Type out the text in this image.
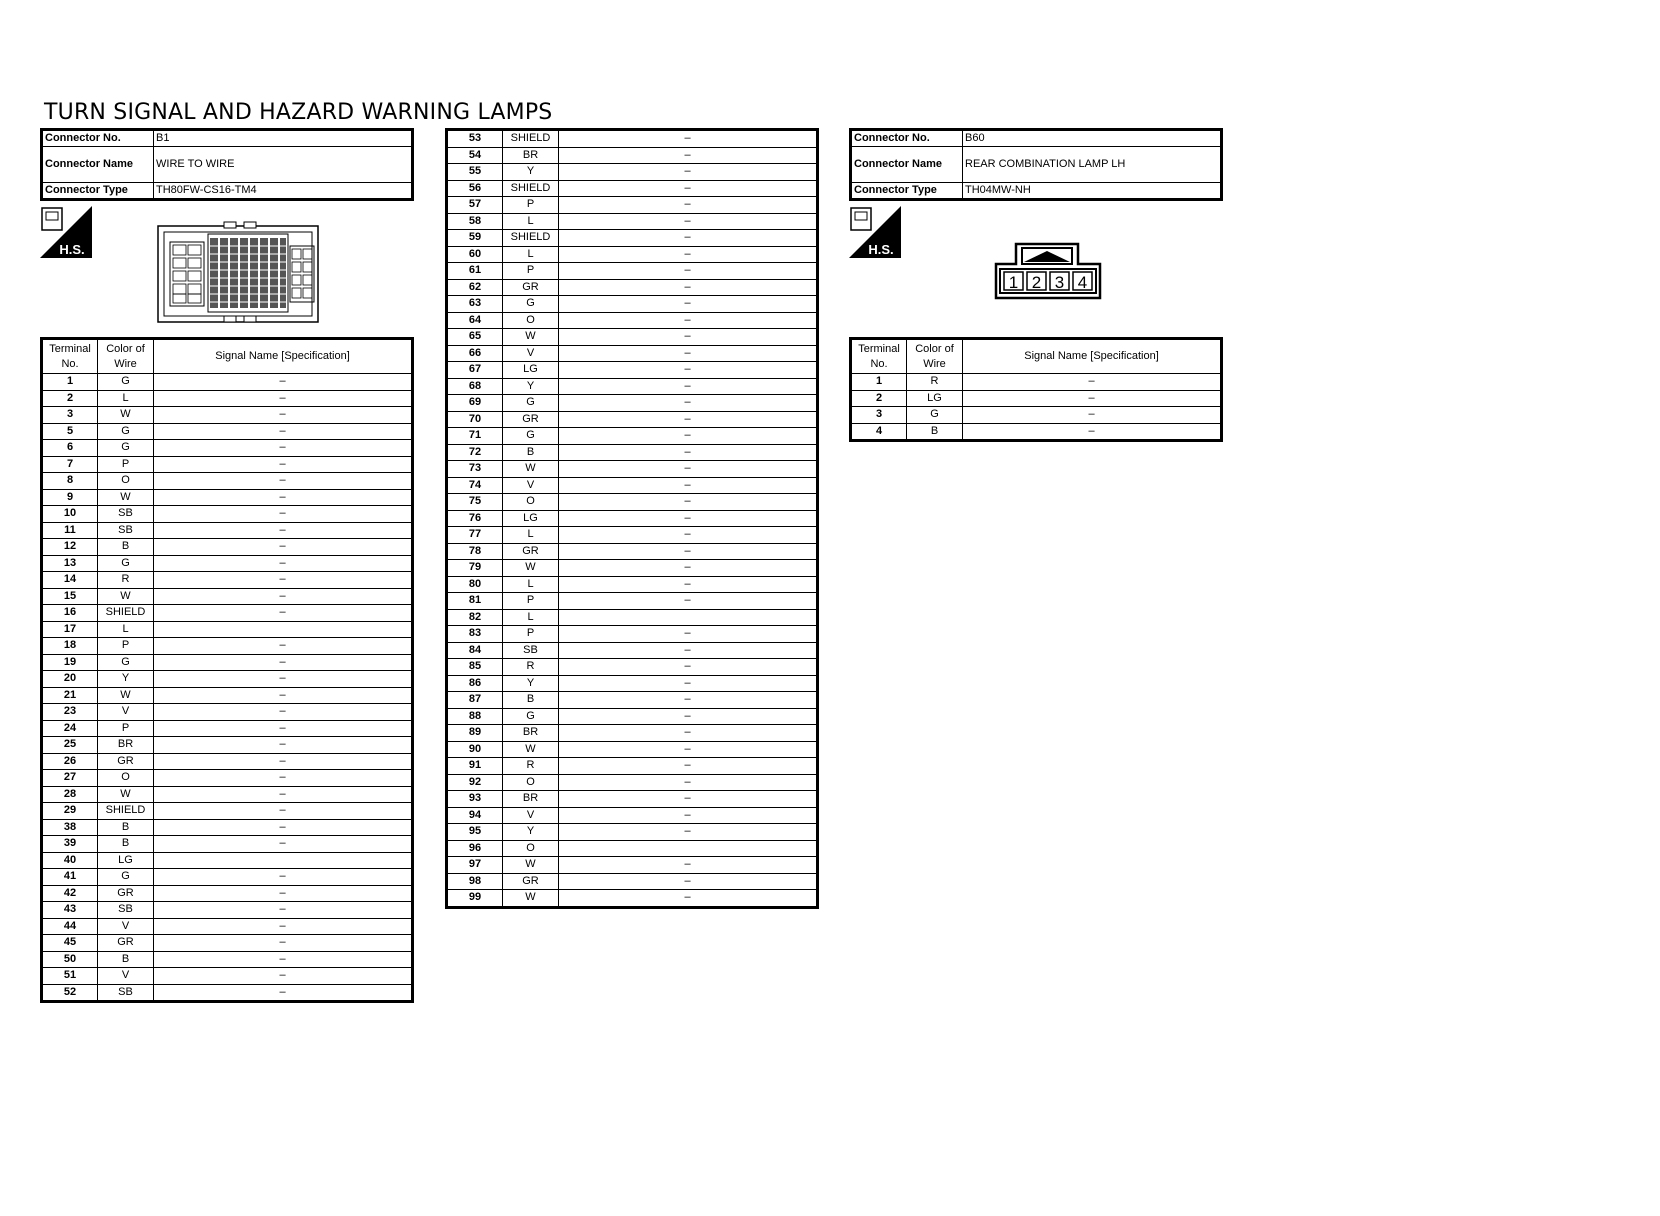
TURN SIGNAL AND HAZARD WARNING LAMPS
Connector No.	B1
Connector Name	WIRE TO WIRE
Connector Type	TH80FW-CS16-TM4
H.S.
Terminal No.	Color of Wire	Signal Name [Specification]
1	G	–
2	L	–
3	W	–
5	G	–
6	G	–
7	P	–
8	O	–
9	W	–
10	SB	–
11	SB	–
12	B	–
13	G	–
14	R	–
15	W	–
16	SHIELD	–
17	L	
18	P	–
19	G	–
20	Y	–
21	W	–
23	V	–
24	P	–
25	BR	–
26	GR	–
27	O	–
28	W	–
29	SHIELD	–
38	B	–
39	B	–
40	LG	
41	G	–
42	GR	–
43	SB	–
44	V	–
45	GR	–
50	B	–
51	V	–
52	SB	–
53	SHIELD	–
54	BR	–
55	Y	–
56	SHIELD	–
57	P	–
58	L	–
59	SHIELD	–
60	L	–
61	P	–
62	GR	–
63	G	–
64	O	–
65	W	–
66	V	–
67	LG	–
68	Y	–
69	G	–
70	GR	–
71	G	–
72	B	–
73	W	–
74	V	–
75	O	–
76	LG	–
77	L	–
78	GR	–
79	W	–
80	L	–
81	P	–
82	L	
83	P	–
84	SB	–
85	R	–
86	Y	–
87	B	–
88	G	–
89	BR	–
90	W	–
91	R	–
92	O	–
93	BR	–
94	V	–
95	Y	–
96	O	
97	W	–
98	GR	–
99	W	–
Connector No.	B60
Connector Name	REAR COMBINATION LAMP LH
Connector Type	TH04MW-NH
H.S.
1 2 3 4
Terminal No.	Color of Wire	Signal Name [Specification]
1	R	–
2	LG	–
3	G	–
4	B	–
